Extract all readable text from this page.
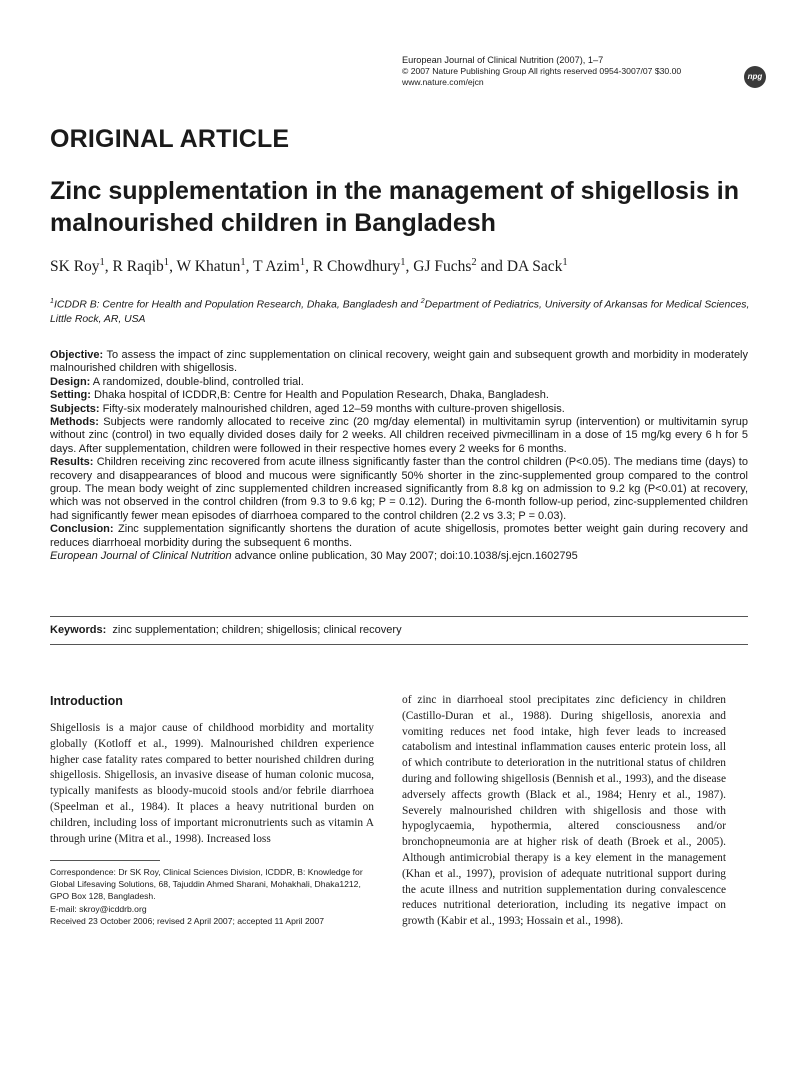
European Journal of Clinical Nutrition (2007), 1–7
© 2007 Nature Publishing Group All rights reserved 0954-3007/07 $30.00
www.nature.com/ejcn
npg
ORIGINAL ARTICLE
Zinc supplementation in the management of shigellosis in malnourished children in Bangladesh
SK Roy$^1$, R Raqib$^1$, W Khatun$^1$, T Azim$^1$, R Chowdhury$^1$, GJ Fuchs$^2$ and DA Sack$^1$
$^1$ICDDR B: Centre for Health and Population Research, Dhaka, Bangladesh and $^2$Department of Pediatrics, University of Arkansas for Medical Sciences, Little Rock, AR, USA

Objective: To assess the impact of zinc supplementation on clinical recovery, weight gain and subsequent growth and morbidity in moderately malnourished children with shigellosis.

Design: A randomized, double-blind, controlled trial.

Setting: Dhaka hospital of ICDDR,B: Centre for Health and Population Research, Dhaka, Bangladesh.

Subjects: Fifty-six moderately malnourished children, aged 12–59 months with culture-proven shigellosis.

Methods: Subjects were randomly allocated to receive zinc (20 mg/day elemental) in multivitamin syrup (intervention) or multivitamin syrup without zinc (control) in two equally divided doses daily for 2 weeks. All children received pivmecillinam in a dose of 15 mg/kg every 6 h for 5 days. After supplementation, children were followed in their respective homes every 2 weeks for 6 months.

Results: Children receiving zinc recovered from acute illness significantly faster than the control children (P<0.05). The medians time (days) to recovery and disappearances of blood and mucous were significantly 50% shorter in the zinc-supplemented group compared to the control group. The mean body weight of zinc supplemented children increased significantly from 8.8 kg on admission to 9.2 kg (P<0.01) at recovery, which was not observed in the control children (from 9.3 to 9.6 kg; P = 0.12). During the 6-month follow-up period, zinc-supplemented children had significantly fewer mean episodes of diarrhoea compared to the control children (2.2 vs 3.3; P = 0.03).

Conclusion: Zinc supplementation significantly shortens the duration of acute shigellosis, promotes better weight gain during recovery and reduces diarrhoeal morbidity during the subsequent 6 months.

European Journal of Clinical Nutrition advance online publication, 30 May 2007; doi:10.1038/sj.ejcn.1602795

Keywords: zinc supplementation; children; shigellosis; clinical recovery
Introduction

Shigellosis is a major cause of childhood morbidity and mortality globally (Kotloff et al., 1999). Malnourished children experience higher case fatality rates compared to better nourished children during shigellosis. Shigellosis, an invasive disease of human colonic mucosa, typically manifests as bloody-mucoid stools and/or febrile diarrhoea (Speelman et al., 1984). It places a heavy nutritional burden on children, including loss of important micronutrients such as vitamin A through urine (Mitra et al., 1998). Increased loss

of zinc in diarrhoeal stool precipitates zinc deficiency in children (Castillo-Duran et al., 1988). During shigellosis, anorexia and vomiting reduces net food intake, high fever leads to increased catabolism and intestinal inflammation causes enteric protein loss, all of which contribute to deterioration in the nutritional status of children during and following shigellosis (Bennish et al., 1993), and the disease adversely affects growth (Black et al., 1984; Henry et al., 1987). Severely malnourished children with shigellosis and those with hypoglycaemia, hypothermia, altered consciousness and/or bronchopneumonia are at higher risk of death (Broek et al., 2005). Although antimicrobial therapy is a key element in the management (Khan et al., 1997), provision of adequate nutritional support during the acute illness and nutrition supplementation during convalescence reduces nutritional deterioration, including its negative impact on growth (Kabir et al., 1993; Hossain et al., 1998).

Correspondence: Dr SK Roy, Clinical Sciences Division, ICDDR, B: Knowledge for Global Lifesaving Solutions, 68, Tajuddin Ahmed Sharani, Mohakhali, Dhaka1212, GPO Box 128, Bangladesh.

E-mail: skroy@icddrb.org

Received 23 October 2006; revised 2 April 2007; accepted 11 April 2007
